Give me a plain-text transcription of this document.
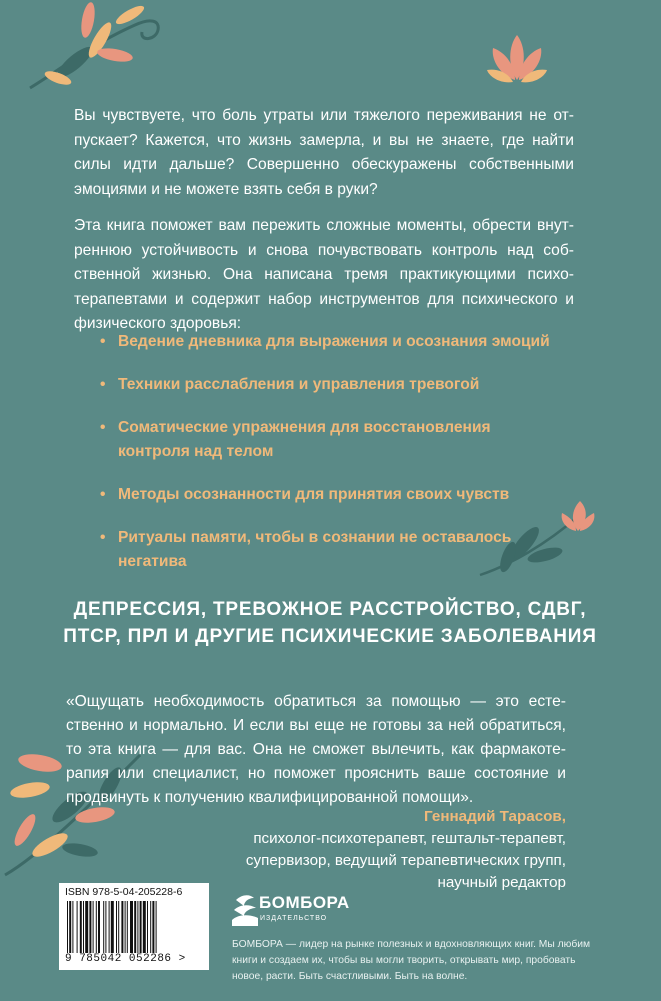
Вы чувствуете, что боль утраты или тяжелого переживания не отпускает? Кажется, что жизнь замерла, и вы не знаете, где найти силы идти дальше? Совершенно обескуражены собственными эмоциями и не можете взять себя в руки?

Эта книга поможет вам пережить сложные моменты, обрести внутреннюю устойчивость и снова почувствовать контроль над собственной жизнью. Она написана тремя практикующими психотерапевтами и содержит набор инструментов для психического и физического здоровья:

• Ведение дневника для выражения и осознания эмоций
• Техники расслабления и управления тревогой
• Соматические упражнения для восстановления контроля над телом
• Методы осознанности для принятия своих чувств
• Ритуалы памяти, чтобы в сознании не оставалось негатива

ДЕПРЕССИЯ, ТРЕВОЖНОЕ РАССТРОЙСТВО, СДВГ, ПТСР, ПРЛ И ДРУГИЕ ПСИХИЧЕСКИЕ ЗАБОЛЕВАНИЯ

«Ощущать необходимость обратиться за помощью — это естественно и нормально. И если вы еще не готовы за ней обратиться, то эта книга — для вас. Она не сможет вылечить, как фармакотерапия или специалист, но поможет прояснить ваше состояние и продвинуть к получению квалифицированной помощи».

Геннадий Тарасов,
психолог-психотерапевт, гештальт-терапевт,
супервизор, ведущий терапевтических групп,
научный редактор
ISBN 978-5-04-205228-6
9 785042 052286 >
БОМБОРА
ИЗДАТЕЛЬСТВО
БОМБОРА — лидер на рынке полезных и вдохновляющих книг. Мы любим книги и создаем их, чтобы вы могли творить, открывать мир, пробовать новое, расти. Быть счастливыми. Быть на волне.
